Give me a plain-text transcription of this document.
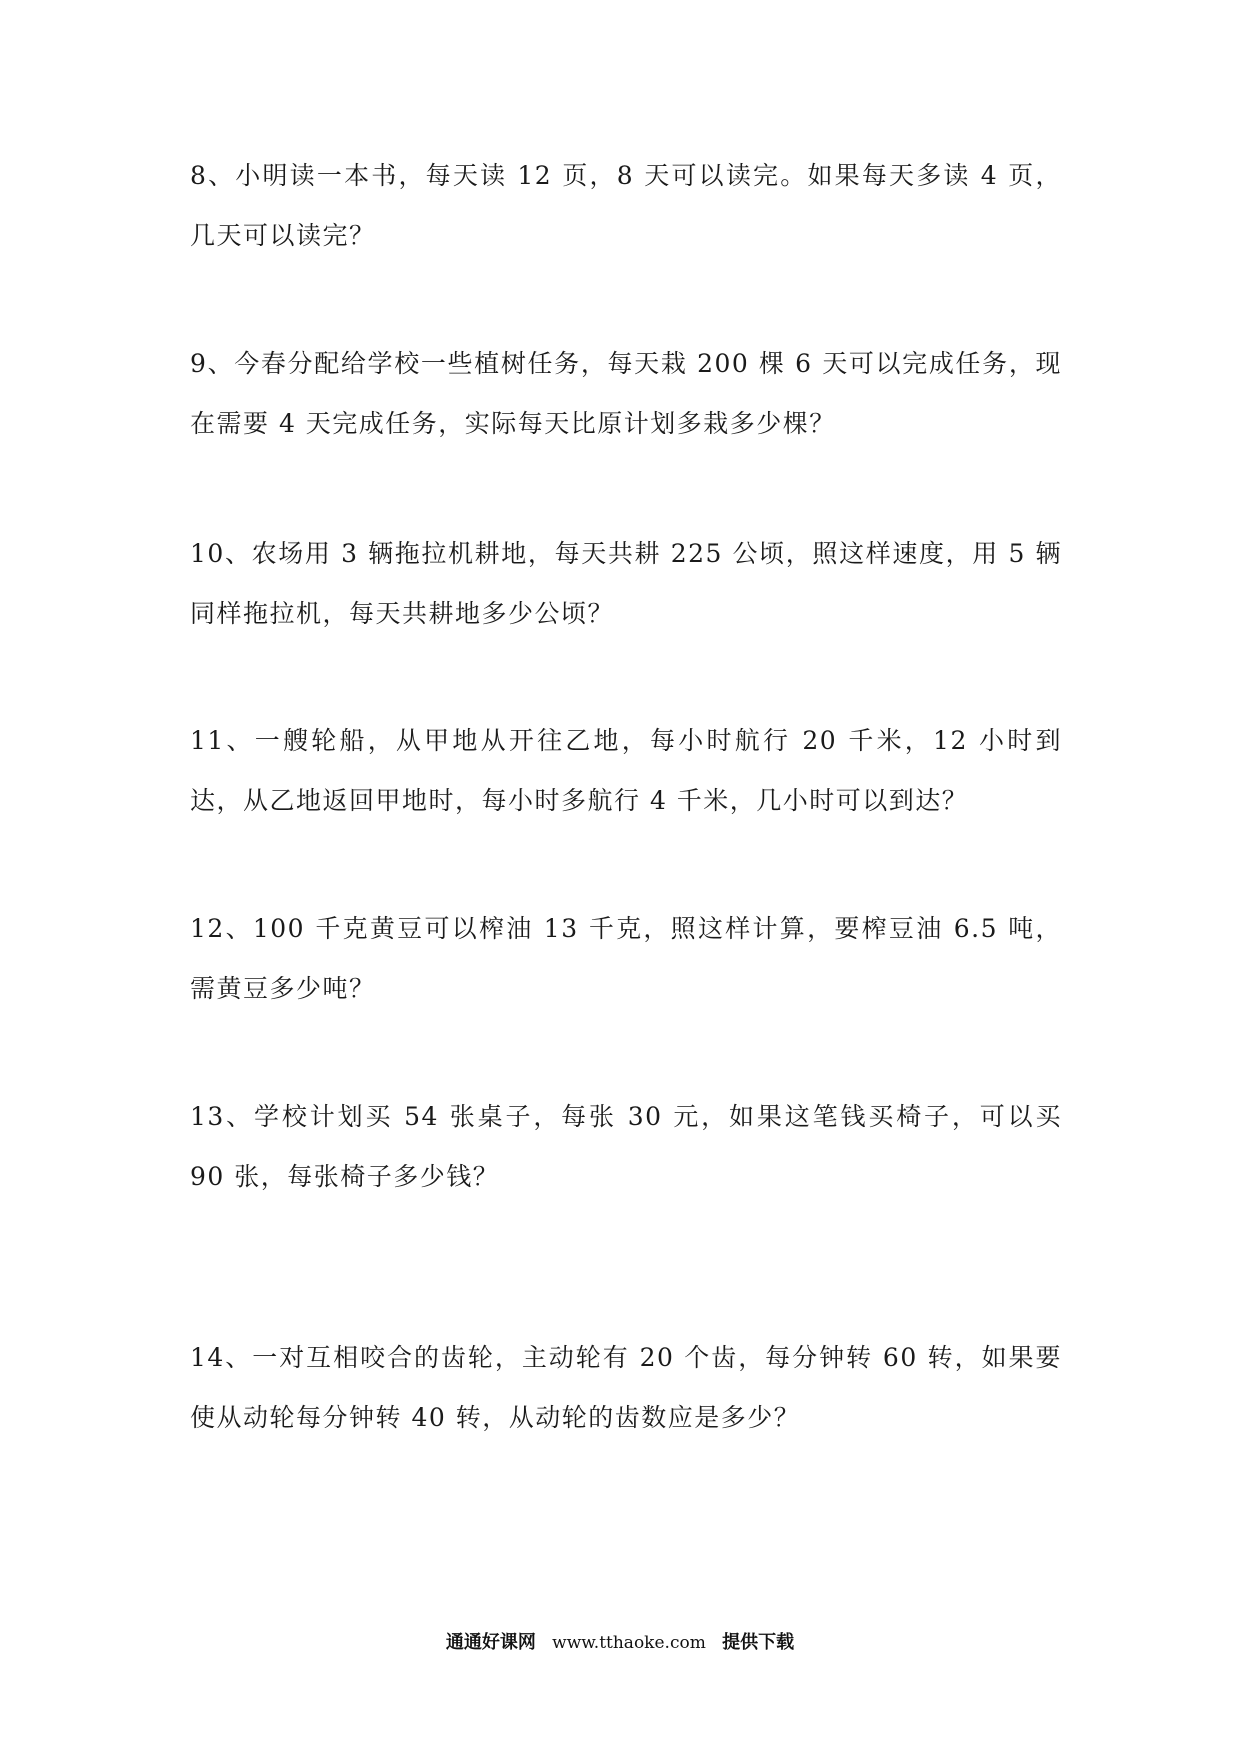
8、小明读一本书，每天读 12 页，8 天可以读完。如果每天多读 4 页，几天可以读完？
9、今春分配给学校一些植树任务，每天栽 200 棵 6 天可以完成任务，现在需要 4 天完成任务，实际每天比原计划多栽多少棵？
10、农场用 3 辆拖拉机耕地，每天共耕 225 公顷，照这样速度，用 5 辆同样拖拉机，每天共耕地多少公顷？
11、一艘轮船，从甲地从开往乙地，每小时航行 20 千米，12 小时到达，从乙地返回甲地时，每小时多航行 4 千米，几小时可以到达？
12、100 千克黄豆可以榨油 13 千克，照这样计算，要榨豆油 6.5 吨，需黄豆多少吨？
13、学校计划买 54 张桌子，每张 30 元，如果这笔钱买椅子，可以买 90 张，每张椅子多少钱？
14、一对互相咬合的齿轮，主动轮有 20 个齿，每分钟转 60 转，如果要使从动轮每分钟转 40 转，从动轮的齿数应是多少？
通通好课网 www.tthaoke.com 提供下载
